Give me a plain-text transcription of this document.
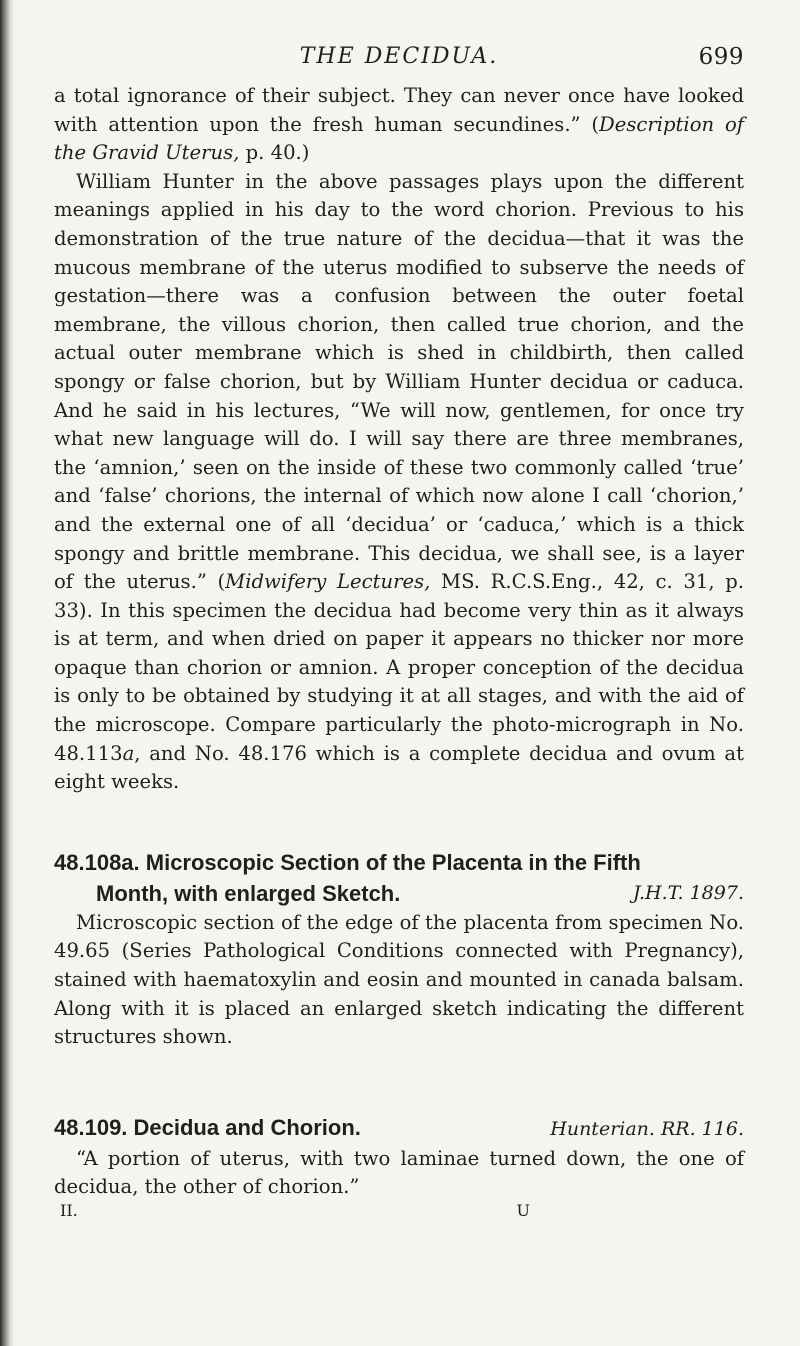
THE DECIDUA.	699

a total ignorance of their subject. They can never once have looked with attention upon the fresh human secundines.” (Description of the Gravid Uterus, p. 40.)

William Hunter in the above passages plays upon the different meanings applied in his day to the word chorion. Previous to his demonstration of the true nature of the decidua—that it was the mucous membrane of the uterus modified to subserve the needs of gestation—there was a confusion between the outer foetal membrane, the villous chorion, then called true chorion, and the actual outer membrane which is shed in childbirth, then called spongy or false chorion, but by William Hunter decidua or caduca. And he said in his lectures, “We will now, gentlemen, for once try what new language will do. I will say there are three membranes, the ‘amnion,’ seen on the inside of these two commonly called ‘true’ and ‘false’ chorions, the internal of which now alone I call ‘chorion,’ and the external one of all ‘decidua’ or ‘caduca,’ which is a thick spongy and brittle membrane. This decidua, we shall see, is a layer of the uterus.” (Midwifery Lectures, MS. R.C.S.Eng., 42, c. 31, p. 33). In this specimen the decidua had become very thin as it always is at term, and when dried on paper it appears no thicker nor more opaque than chorion or amnion. A proper conception of the decidua is only to be obtained by studying it at all stages, and with the aid of the microscope. Compare particularly the photo-micrograph in No. 48.113a, and No. 48.176 which is a complete decidua and ovum at eight weeks.

48.108a. Microscopic Section of the Placenta in the Fifth
Month, with enlarged Sketch.	J.H.T. 1897.

Microscopic section of the edge of the placenta from specimen No. 49.65 (Series Pathological Conditions connected with Pregnancy), stained with haematoxylin and eosin and mounted in canada balsam. Along with it is placed an enlarged sketch indicating the different structures shown.

48.109. Decidua and Chorion.	Hunterian. RR. 116.

“A portion of uterus, with two laminae turned down, the one of decidua, the other of chorion.”

II.	U
